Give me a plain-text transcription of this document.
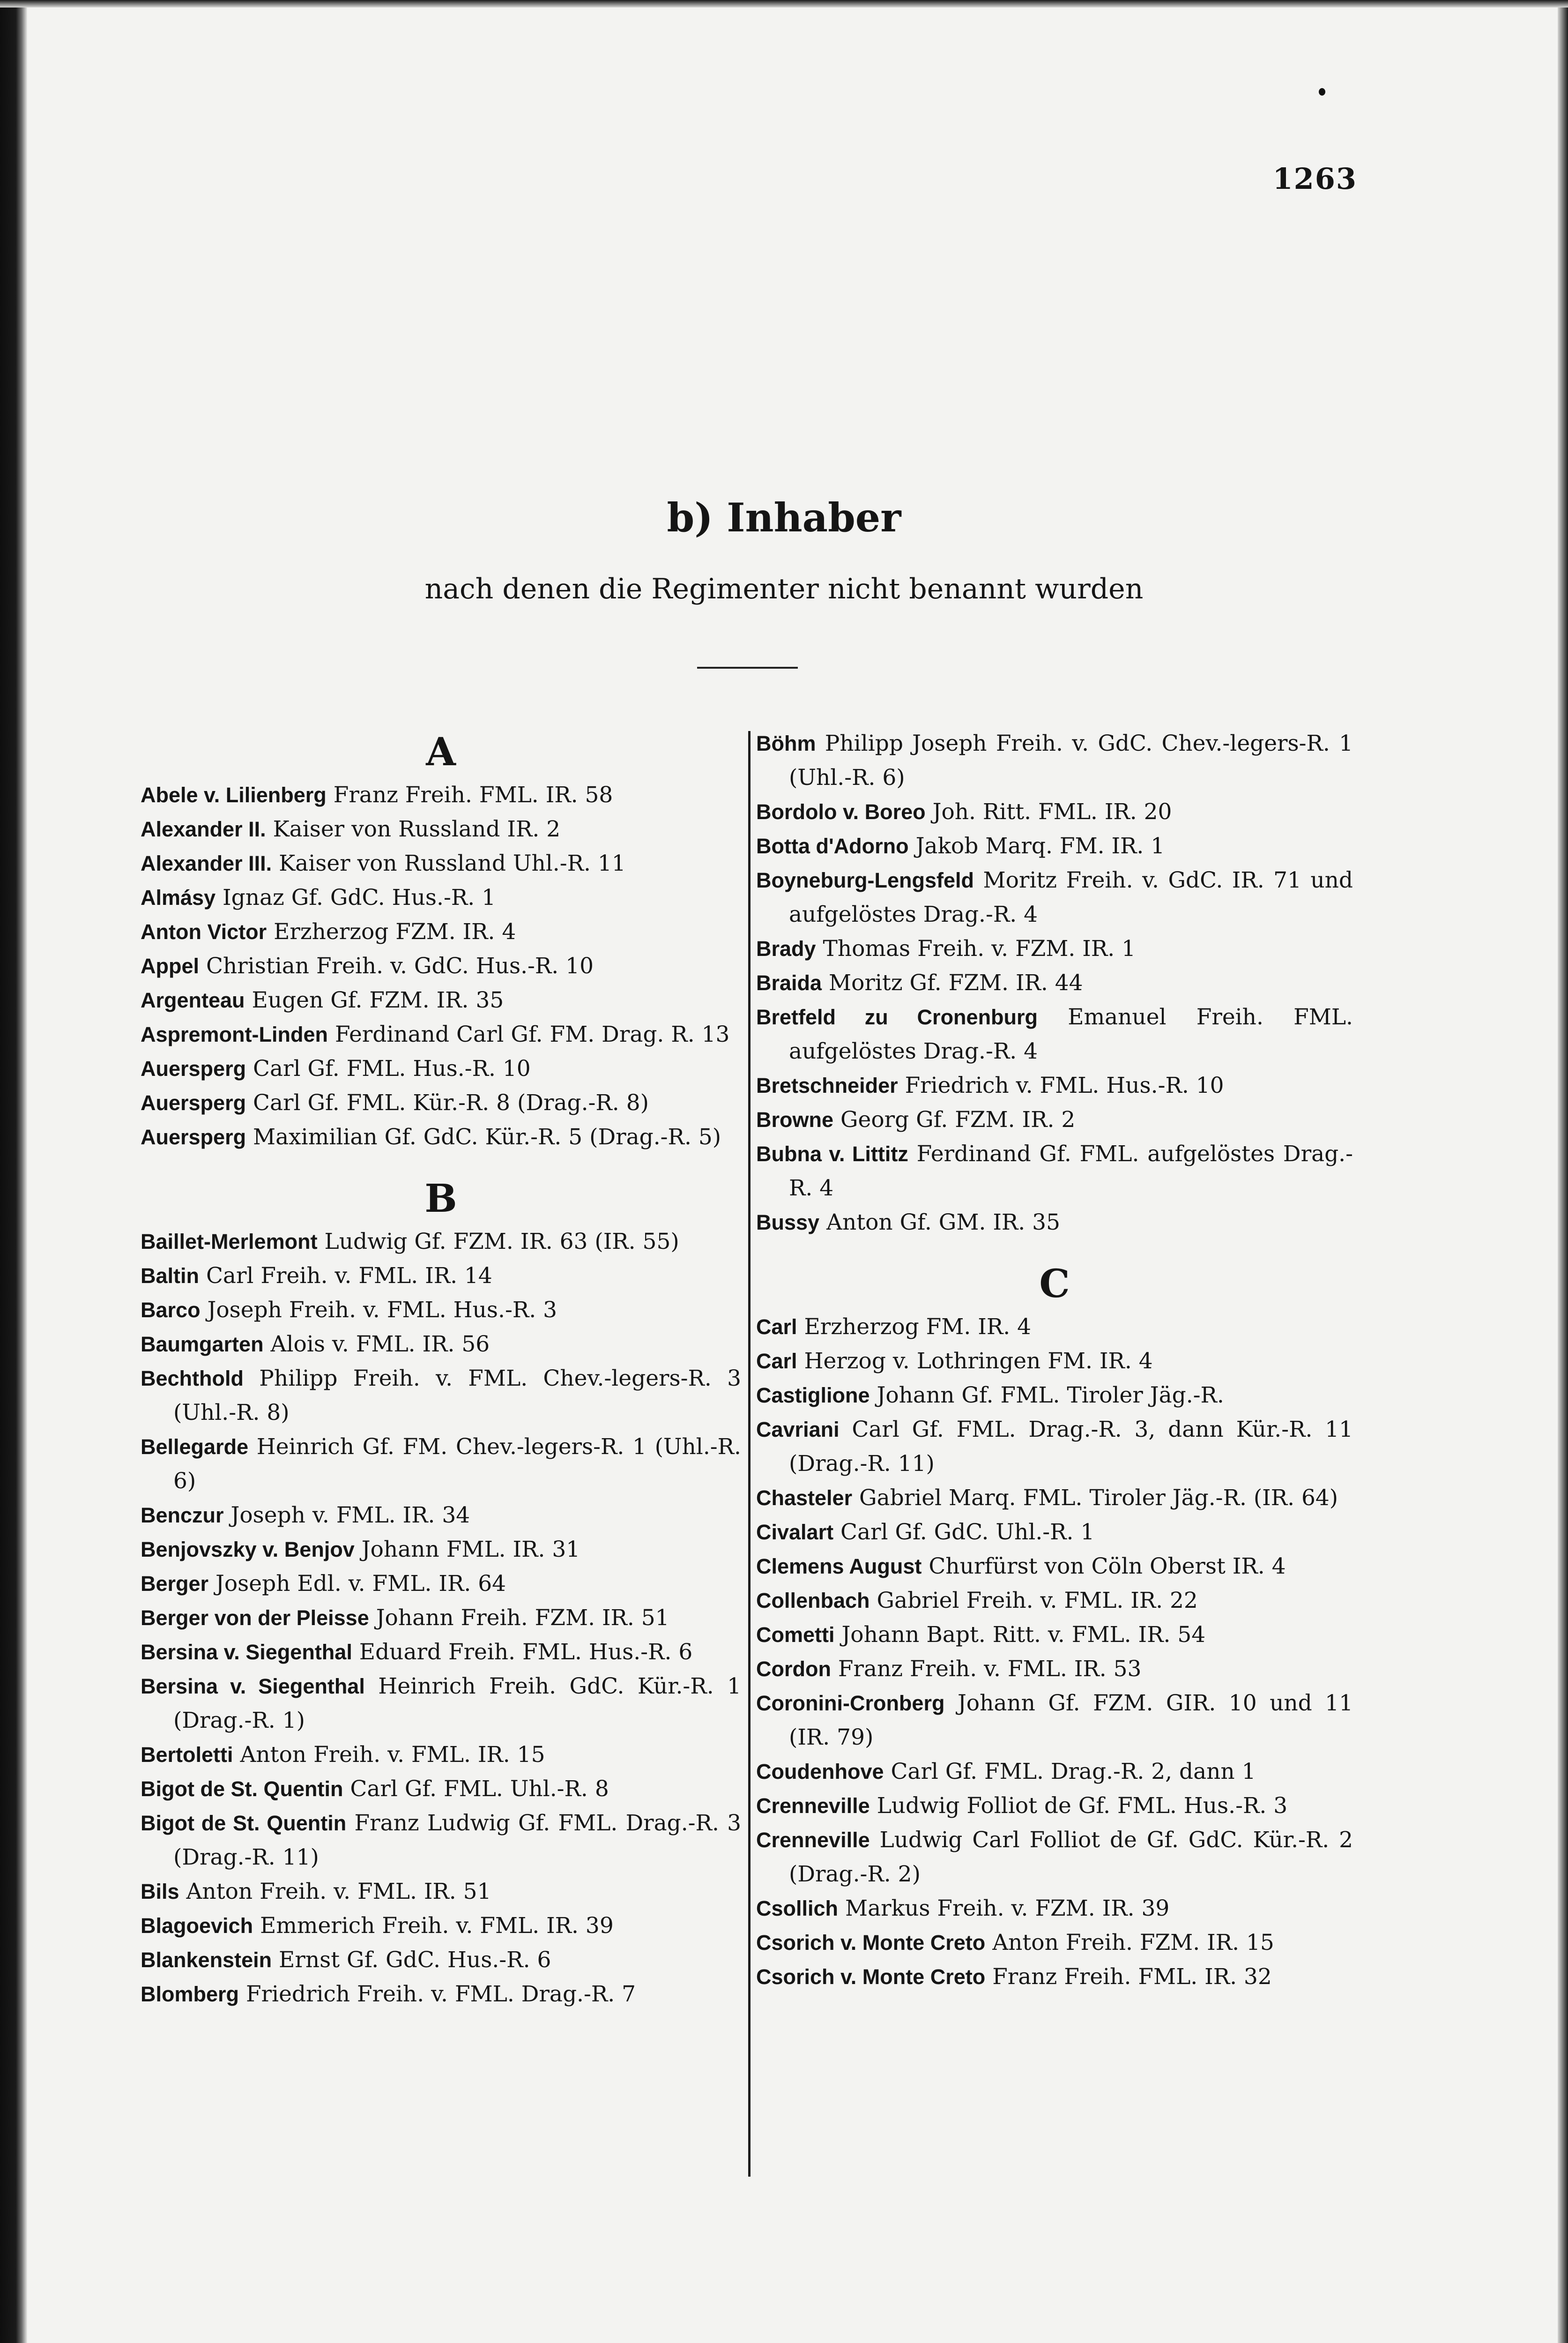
1263
b) Inhaber
nach denen die Regimenter nicht benannt wurden
A
Abele v. Lilienberg Franz Freih. FML. IR. 58
Alexander II. Kaiser von Russland IR. 2
Alexander III. Kaiser von Russland Uhl.-R. 11
Almásy Ignaz Gf. GdC. Hus.-R. 1
Anton Victor Erzherzog FZM. IR. 4
Appel Christian Freih. v. GdC. Hus.-R. 10
Argenteau Eugen Gf. FZM. IR. 35
Aspremont-Linden Ferdinand Carl Gf. FM. Drag. R. 13
Auersperg Carl Gf. FML. Hus.-R. 10
Auersperg Carl Gf. FML. Kür.-R. 8 (Drag.-R. 8)
Auersperg Maximilian Gf. GdC. Kür.-R. 5 (Drag.-R. 5)
B
Baillet-Merlemont Ludwig Gf. FZM. IR. 63 (IR. 55)
Baltin Carl Freih. v. FML. IR. 14
Barco Joseph Freih. v. FML. Hus.-R. 3
Baumgarten Alois v. FML. IR. 56
Bechthold Philipp Freih. v. FML. Chev.-legers-R. 3 (Uhl.-R. 8)
Bellegarde Heinrich Gf. FM. Chev.-legers-R. 1 (Uhl.-R. 6)
Benczur Joseph v. FML. IR. 34
Benjovszky v. Benjov Johann FML. IR. 31
Berger Joseph Edl. v. FML. IR. 64
Berger von der Pleisse Johann Freih. FZM. IR. 51
Bersina v. Siegenthal Eduard Freih. FML. Hus.-R. 6
Bersina v. Siegenthal Heinrich Freih. GdC. Kür.-R. 1 (Drag.-R. 1)
Bertoletti Anton Freih. v. FML. IR. 15
Bigot de St. Quentin Carl Gf. FML. Uhl.-R. 8
Bigot de St. Quentin Franz Ludwig Gf. FML. Drag.-R. 3 (Drag.-R. 11)
Bils Anton Freih. v. FML. IR. 51
Blagoevich Emmerich Freih. v. FML. IR. 39
Blankenstein Ernst Gf. GdC. Hus.-R. 6
Blomberg Friedrich Freih. v. FML. Drag.-R. 7
Böhm Philipp Joseph Freih. v. GdC. Chev.-legers-R. 1 (Uhl.-R. 6)
Bordolo v. Boreo Joh. Ritt. FML. IR. 20
Botta d'Adorno Jakob Marq. FM. IR. 1
Boyneburg-Lengsfeld Moritz Freih. v. GdC. IR. 71 und aufgelöstes Drag.-R. 4
Brady Thomas Freih. v. FZM. IR. 1
Braida Moritz Gf. FZM. IR. 44
Bretfeld zu Cronenburg Emanuel Freih. FML. aufgelöstes Drag.-R. 4
Bretschneider Friedrich v. FML. Hus.-R. 10
Browne Georg Gf. FZM. IR. 2
Bubna v. Littitz Ferdinand Gf. FML. aufgelöstes Drag.-R. 4
Bussy Anton Gf. GM. IR. 35
C
Carl Erzherzog FM. IR. 4
Carl Herzog v. Lothringen FM. IR. 4
Castiglione Johann Gf. FML. Tiroler Jäg.-R.
Cavriani Carl Gf. FML. Drag.-R. 3, dann Kür.-R. 11 (Drag.-R. 11)
Chasteler Gabriel Marq. FML. Tiroler Jäg.-R. (IR. 64)
Civalart Carl Gf. GdC. Uhl.-R. 1
Clemens August Churfürst von Cöln Oberst IR. 4
Collenbach Gabriel Freih. v. FML. IR. 22
Cometti Johann Bapt. Ritt. v. FML. IR. 54
Cordon Franz Freih. v. FML. IR. 53
Coronini-Cronberg Johann Gf. FZM. GIR. 10 und 11 (IR. 79)
Coudenhove Carl Gf. FML. Drag.-R. 2, dann 1
Crenneville Ludwig Folliot de Gf. FML. Hus.-R. 3
Crenneville Ludwig Carl Folliot de Gf. GdC. Kür.-R. 2 (Drag.-R. 2)
Csollich Markus Freih. v. FZM. IR. 39
Csorich v. Monte Creto Anton Freih. FZM. IR. 15
Csorich v. Monte Creto Franz Freih. FML. IR. 32
